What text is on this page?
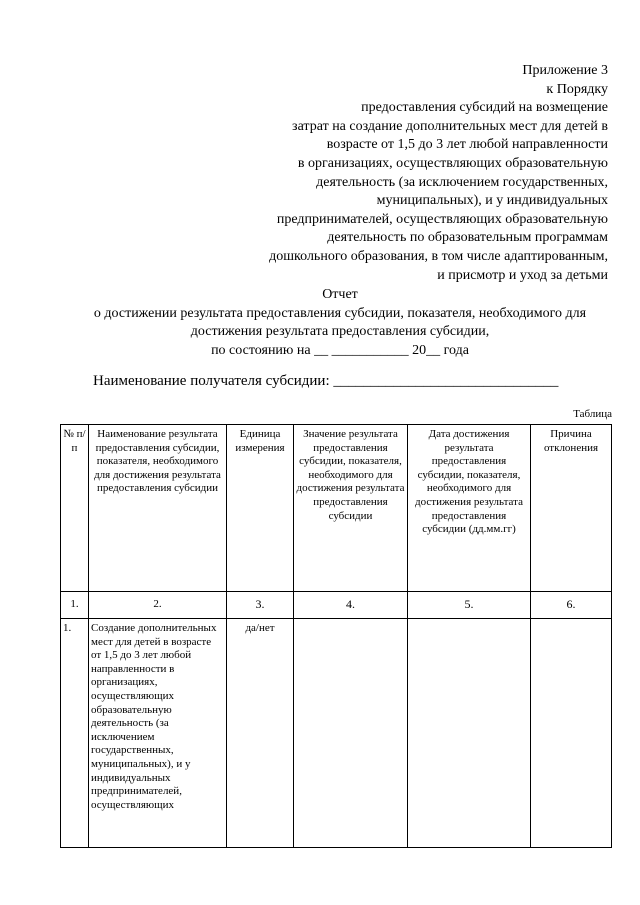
Приложение 3
к Порядку
предоставления субсидий на возмещение
затрат на создание дополнительных мест для детей в
возрасте от 1,5 до 3 лет любой направленности
в организациях, осуществляющих образовательную
деятельность (за исключением государственных,
муниципальных), и у индивидуальных
предпринимателей, осуществляющих образовательную
деятельность по образовательным программам
дошкольного образования, в том числе адаптированным,
и присмотр и уход за детьми
Отчет
о достижении результата предоставления субсидии, показателя, необходимого для
достижения результата предоставления субсидии,
по состоянию на __ ___________ 20__ года
Наименование получателя субсидии: ______________________________
Таблица
№ п/п	Наименование результата предоставления субсидии, показателя, необходимого для достижения результата предоставления субсидии	Единица измерения	Значение результата предоставления субсидии, показателя, необходимого для достижения результата предоставления субсидии	Дата достижения результата предоставления субсидии, показателя, необходимого для достижения результата предоставления субсидии (дд.мм.гг)	Причина отклонения
1.	2.	3.	4.	5.	6.
1.	Создание дополнительных мест для детей в возрасте от 1,5 до 3 лет любой направленности в организациях, осуществляющих образовательную деятельность (за исключением государственных, муниципальных), и у индивидуальных предпринимателей, осуществляющих	да/нет			
